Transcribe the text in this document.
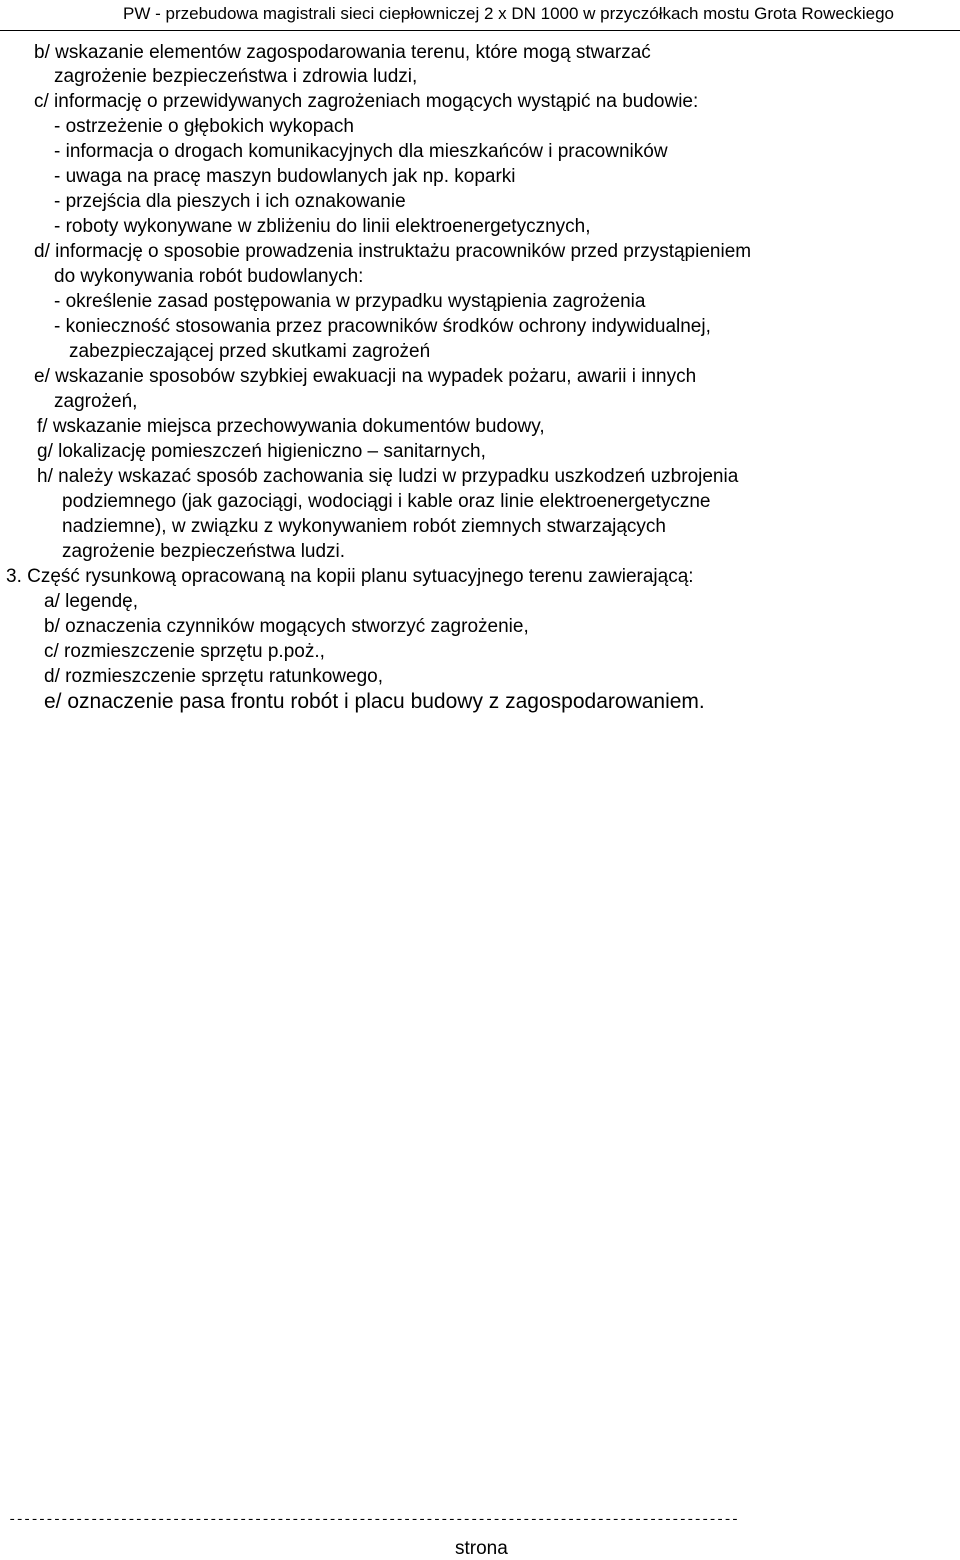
PW - przebudowa magistrali sieci ciepłowniczej 2 x DN 1000 w przyczółkach mostu Grota Roweckiego
b/ wskazanie elementów zagospodarowania terenu, które mogą stwarzać
zagrożenie bezpieczeństwa i zdrowia ludzi,
c/ informację o przewidywanych zagrożeniach mogących wystąpić na budowie:
- ostrzeżenie o głębokich wykopach
- informacja o drogach komunikacyjnych dla mieszkańców i pracowników
- uwaga na pracę maszyn budowlanych jak np. koparki
- przejścia dla pieszych i ich oznakowanie
- roboty wykonywane w zbliżeniu do linii elektroenergetycznych,
d/ informację o sposobie prowadzenia instruktażu pracowników przed przystąpieniem
do wykonywania robót budowlanych:
- określenie zasad postępowania w przypadku wystąpienia zagrożenia
- konieczność stosowania przez pracowników środków ochrony indywidualnej,
zabezpieczającej przed skutkami zagrożeń
e/ wskazanie sposobów szybkiej ewakuacji na wypadek pożaru, awarii i innych
zagrożeń,
f/ wskazanie miejsca przechowywania dokumentów budowy,
g/ lokalizację pomieszczeń higieniczno – sanitarnych,
h/ należy wskazać sposób zachowania się ludzi w przypadku uszkodzeń uzbrojenia
podziemnego (jak gazociągi, wodociągi i kable oraz linie elektroenergetyczne
nadziemne), w związku z wykonywaniem robót ziemnych stwarzających
zagrożenie bezpieczeństwa ludzi.
3. Część rysunkową opracowaną na kopii planu sytuacyjnego terenu zawierającą:
a/ legendę,
b/ oznaczenia czynników mogących stworzyć zagrożenie,
c/ rozmieszczenie sprzętu p.poż.,
d/ rozmieszczenie sprzętu ratunkowego,
e/ oznaczenie pasa frontu robót i placu budowy z zagospodarowaniem.
--------------------------------------------------------------------------------------------------
strona
